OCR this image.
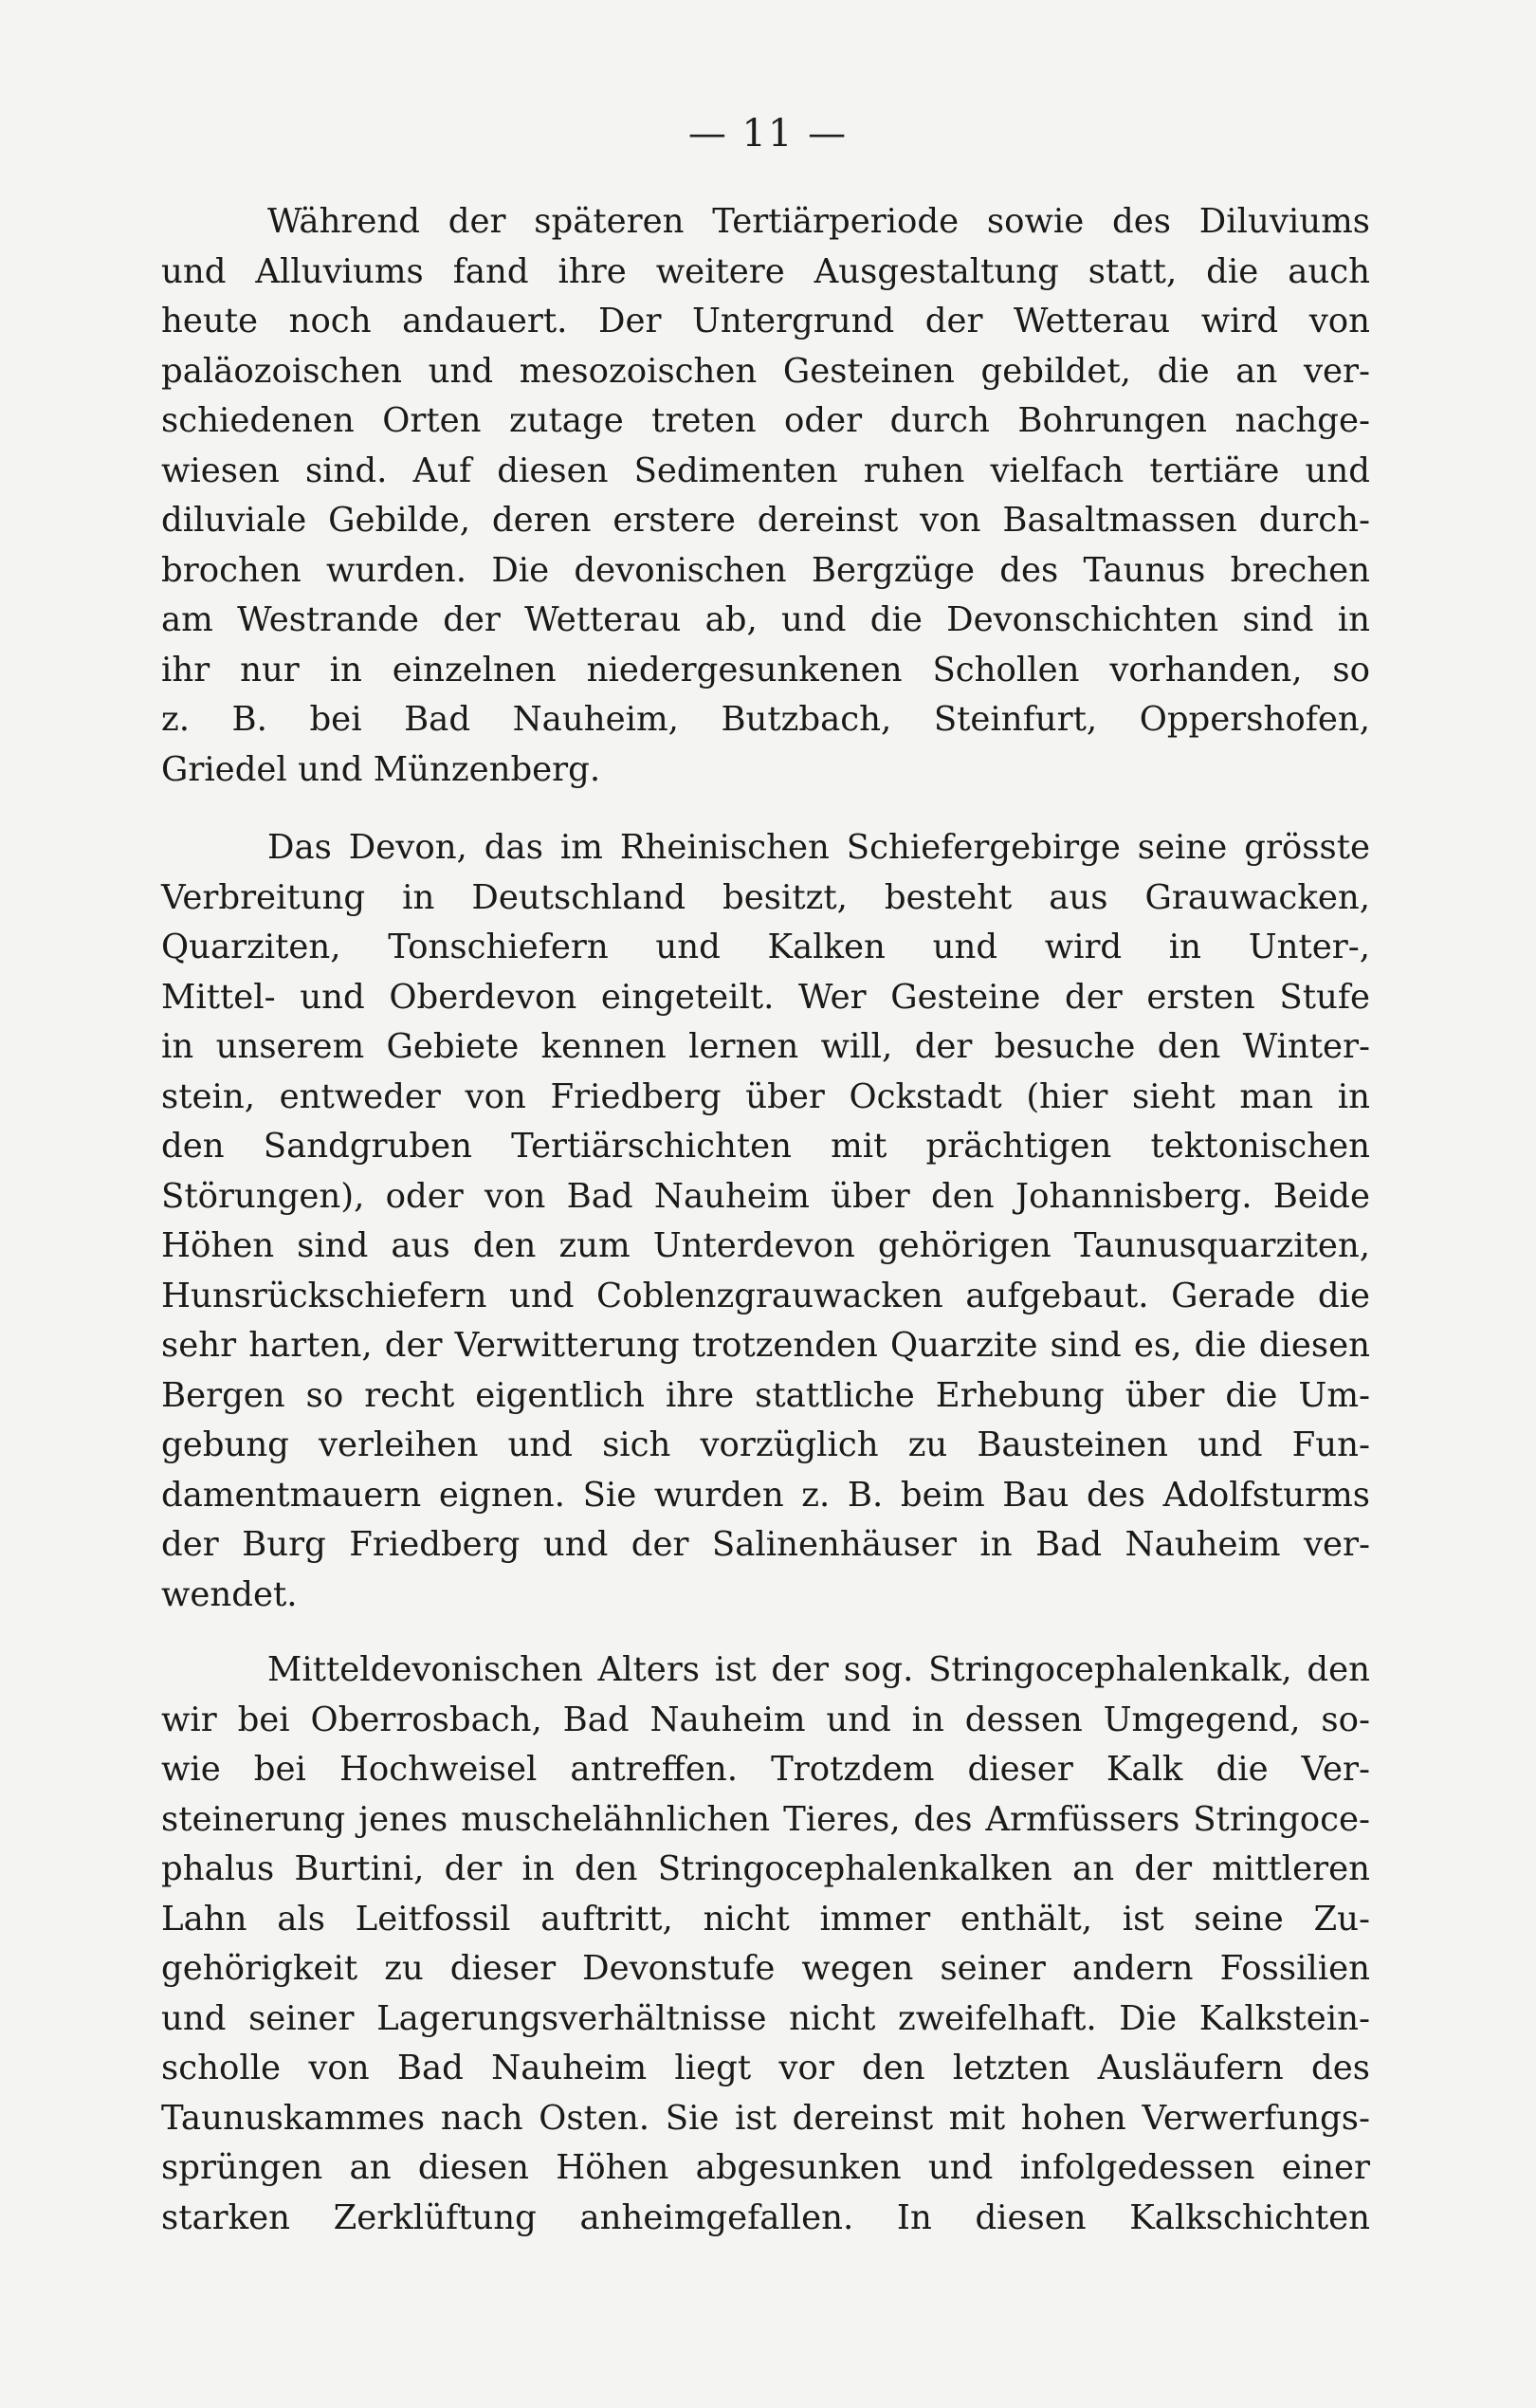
— 11 —
Während der späteren Tertiärperiode sowie des Diluviums
und Alluviums fand ihre weitere Ausgestaltung statt, die auch
heute noch andauert. Der Untergrund der Wetterau wird von
paläozoischen und mesozoischen Gesteinen gebildet, die an ver-
schiedenen Orten zutage treten oder durch Bohrungen nachge-
wiesen sind. Auf diesen Sedimenten ruhen vielfach tertiäre und
diluviale Gebilde, deren erstere dereinst von Basaltmassen durch-
brochen wurden. Die devonischen Bergzüge des Taunus brechen
am Westrande der Wetterau ab, und die Devonschichten sind in
ihr nur in einzelnen niedergesunkenen Schollen vorhanden, so
z. B. bei Bad Nauheim, Butzbach, Steinfurt, Oppershofen,
Griedel und Münzenberg.
Das Devon, das im Rheinischen Schiefergebirge seine grösste
Verbreitung in Deutschland besitzt, besteht aus Grauwacken,
Quarziten, Tonschiefern und Kalken und wird in Unter-,
Mittel- und Oberdevon eingeteilt. Wer Gesteine der ersten Stufe
in unserem Gebiete kennen lernen will, der besuche den Winter-
stein, entweder von Friedberg über Ockstadt (hier sieht man in
den Sandgruben Tertiärschichten mit prächtigen tektonischen
Störungen), oder von Bad Nauheim über den Johannisberg. Beide
Höhen sind aus den zum Unterdevon gehörigen Taunusquarziten,
Hunsrückschiefern und Coblenzgrauwacken aufgebaut. Gerade die
sehr harten, der Verwitterung trotzenden Quarzite sind es, die diesen
Bergen so recht eigentlich ihre stattliche Erhebung über die Um-
gebung verleihen und sich vorzüglich zu Bausteinen und Fun-
damentmauern eignen. Sie wurden z. B. beim Bau des Adolfsturms
der Burg Friedberg und der Salinenhäuser in Bad Nauheim ver-
wendet.
Mitteldevonischen Alters ist der sog. Stringocephalenkalk, den
wir bei Oberrosbach, Bad Nauheim und in dessen Umgegend, so-
wie bei Hochweisel antreffen. Trotzdem dieser Kalk die Ver-
steinerung jenes muschelähnlichen Tieres, des Armfüssers Stringoce-
phalus Burtini, der in den Stringocephalenkalken an der mittleren
Lahn als Leitfossil auftritt, nicht immer enthält, ist seine Zu-
gehörigkeit zu dieser Devonstufe wegen seiner andern Fossilien
und seiner Lagerungsverhältnisse nicht zweifelhaft. Die Kalkstein-
scholle von Bad Nauheim liegt vor den letzten Ausläufern des
Taunuskammes nach Osten. Sie ist dereinst mit hohen Verwerfungs-
sprüngen an diesen Höhen abgesunken und infolgedessen einer
starken Zerklüftung anheimgefallen. In diesen Kalkschichten
